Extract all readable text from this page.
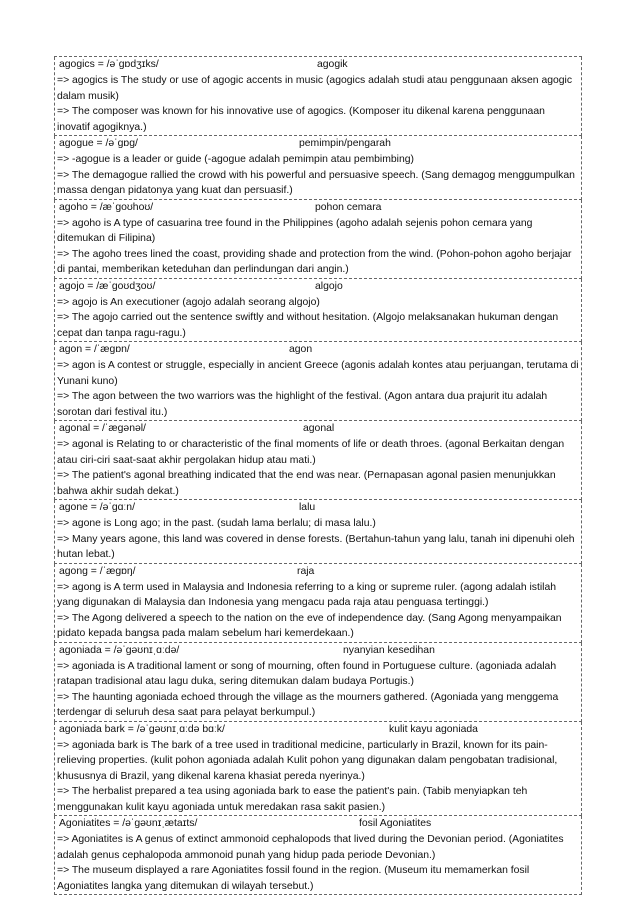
agogics = /əˈɡɒdʒɪks/	agogik

=> agogics is The study or use of agogic accents in music (agogics adalah studi atau penggunaan aksen agogic dalam musik)

=> The composer was known for his innovative use of agogics. (Komposer itu dikenal karena penggunaan inovatif agogiknya.)

agogue = /əˈɡɒɡ/	pemimpin/pengarah

=> -agogue is a leader or guide (-agogue adalah pemimpin atau pembimbing)

=> The demagogue rallied the crowd with his powerful and persuasive speech. (Sang demagog menggumpulkan massa dengan pidatonya yang kuat dan persuasif.)

agoho = /æˈɡoʊhoʊ/	pohon cemara

=> agoho is A type of casuarina tree found in the Philippines (agoho adalah sejenis pohon cemara yang ditemukan di Filipina)

=> The agoho trees lined the coast, providing shade and protection from the wind. (Pohon-pohon agoho berjajar di pantai, memberikan keteduhan dan perlindungan dari angin.)

agojo = /æˈɡoʊdʒoʊ/	algojo

=> agojo is An executioner (agojo adalah seorang algojo)

=> The agojo carried out the sentence swiftly and without hesitation. (Algojo melaksanakan hukuman dengan cepat dan tanpa ragu-ragu.)

agon = /ˈæɡɒn/	agon

=> agon is A contest or struggle, especially in ancient Greece (agonis adalah kontes atau perjuangan, terutama di Yunani kuno)

=> The agon between the two warriors was the highlight of the festival. (Agon antara dua prajurit itu adalah sorotan dari festival itu.)

agonal = /ˈæɡənəl/	agonal

=> agonal is Relating to or characteristic of the final moments of life or death throes. (agonal Berkaitan dengan atau ciri-ciri saat-saat akhir pergolakan hidup atau mati.)

=> The patient's agonal breathing indicated that the end was near. (Pernapasan agonal pasien menunjukkan bahwa akhir sudah dekat.)

agone = /əˈɡɑːn/	lalu

=> agone is Long ago; in the past. (sudah lama berlalu; di masa lalu.)

=> Many years agone, this land was covered in dense forests. (Bertahun-tahun yang lalu, tanah ini dipenuhi oleh hutan lebat.)

agong = /ˈæɡɒŋ/	raja

=> agong is A term used in Malaysia and Indonesia referring to a king or supreme ruler. (agong adalah istilah yang digunakan di Malaysia dan Indonesia yang mengacu pada raja atau penguasa tertinggi.)

=> The Agong delivered a speech to the nation on the eve of independence day. (Sang Agong menyampaikan pidato kepada bangsa pada malam sebelum hari kemerdekaan.)

agoniada = /əˈɡəʊnɪˌɑːdə/	nyanyian kesedihan

=> agoniada is A traditional lament or song of mourning, often found in Portuguese culture. (agoniada adalah ratapan tradisional atau lagu duka, sering ditemukan dalam budaya Portugis.)

=> The haunting agoniada echoed through the village as the mourners gathered. (Agoniada yang menggema terdengar di seluruh desa saat para pelayat berkumpul.)

agoniada bark = /əˈɡəʊnɪˌɑːdə bɑːk/	kulit kayu agoniada

=> agoniada bark is The bark of a tree used in traditional medicine, particularly in Brazil, known for its pain-relieving properties. (kulit pohon agoniada adalah Kulit pohon yang digunakan dalam pengobatan tradisional, khususnya di Brazil, yang dikenal karena khasiat pereda nyerinya.)

=> The herbalist prepared a tea using agoniada bark to ease the patient's pain. (Tabib menyiapkan teh menggunakan kulit kayu agoniada untuk meredakan rasa sakit pasien.)

Agoniatites = /əˈɡəʊnɪˌætaɪts/	fosil Agoniatites

=> Agoniatites is A genus of extinct ammonoid cephalopods that lived during the Devonian period. (Agoniatites adalah genus cephalopoda ammonoid punah yang hidup pada periode Devonian.)

=> The museum displayed a rare Agoniatites fossil found in the region. (Museum itu memamerkan fosil Agoniatites langka yang ditemukan di wilayah tersebut.)
